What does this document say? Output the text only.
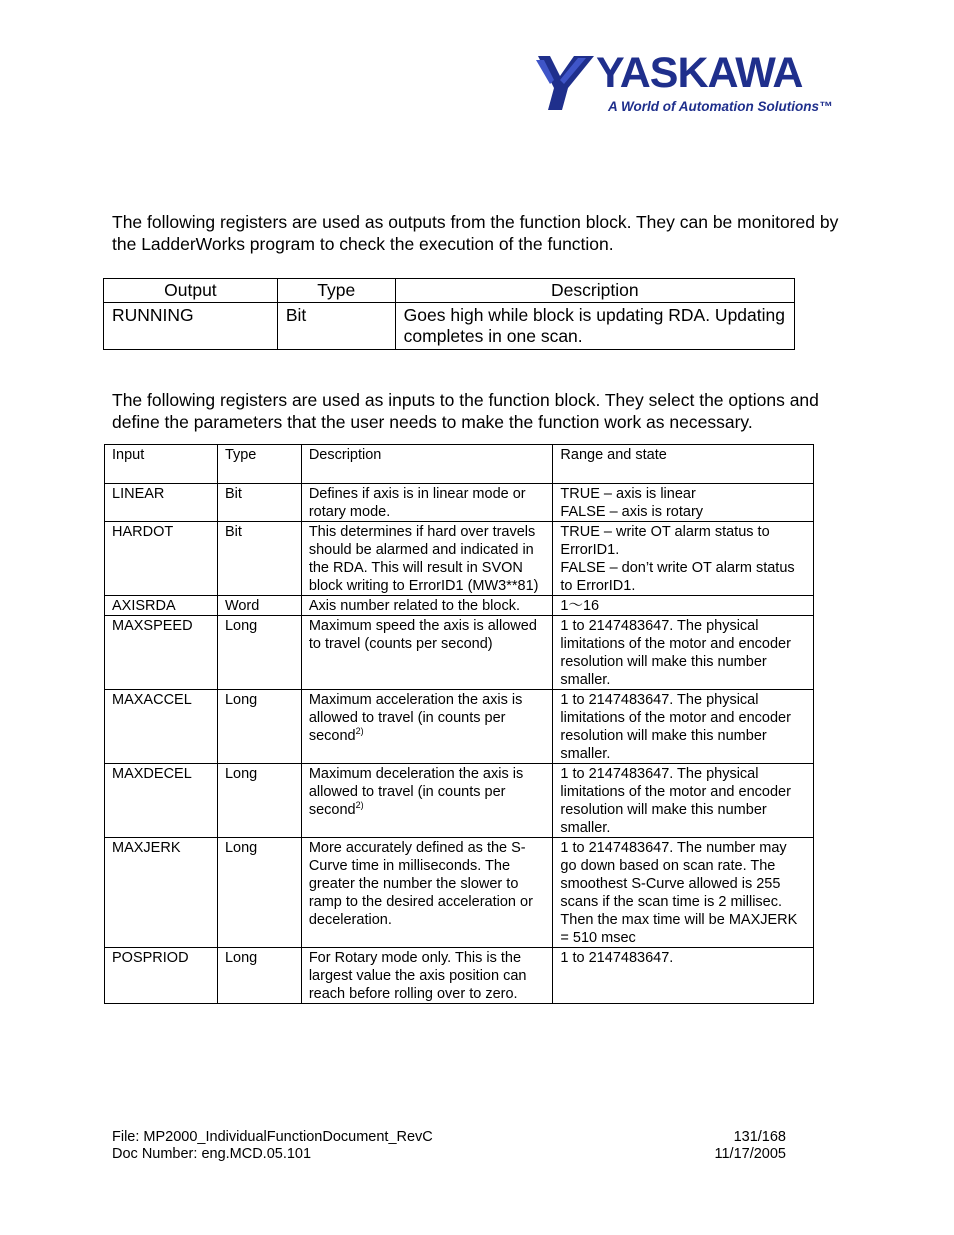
YASKAWA
A World of Automation Solutions™

The following registers are used as outputs from the function block. They can be monitored by the LadderWorks program to check the execution of the function.

Output	Type	Description
RUNNING	Bit	Goes high while block is updating RDA. Updating completes in one scan.

The following registers are used as inputs to the function block. They select the options and define the parameters that the user needs to make the function work as necessary.

Input	Type	Description	Range and state
LINEAR	Bit	Defines if axis is in linear mode or rotary mode.	TRUE – axis is linear
FALSE – axis is rotary

HARDOT	Bit	This determines if hard over travels should be alarmed and indicated in the RDA. This will result in SVON block writing to ErrorID1 (MW3**81)	TRUE – write OT alarm status to ErrorID1.
FALSE – don’t write OT alarm status to ErrorID1.

AXISRDA	Word	Axis number related to the block.	1～16

MAXSPEED	Long	Maximum speed the axis is allowed to travel (counts per second)	1 to 2147483647. The physical limitations of the motor and encoder resolution will make this number smaller.

MAXACCEL	Long	Maximum acceleration the axis is allowed to travel (in counts per second$^{2)}$	1 to 2147483647. The physical limitations of the motor and encoder resolution will make this number smaller.

MAXDECEL	Long	Maximum deceleration the axis is allowed to travel (in counts per second$^{2)}$	1 to 2147483647. The physical limitations of the motor and encoder resolution will make this number smaller.

MAXJERK	Long	More accurately defined as the S-Curve time in milliseconds. The greater the number the slower to ramp to the desired acceleration or deceleration.	1 to 2147483647. The number may go down based on scan rate. The smoothest S-Curve allowed is 255 scans if the scan time is 2 millisec. Then the max time will be MAXJERK = 510 msec

POSPRIOD	Long	For Rotary mode only. This is the largest value the axis position can reach before rolling over to zero.	1 to 2147483647.
File: MP2000_IndividualFunctionDocument_RevC	131/168
Doc Number: eng.MCD.05.101	11/17/2005
